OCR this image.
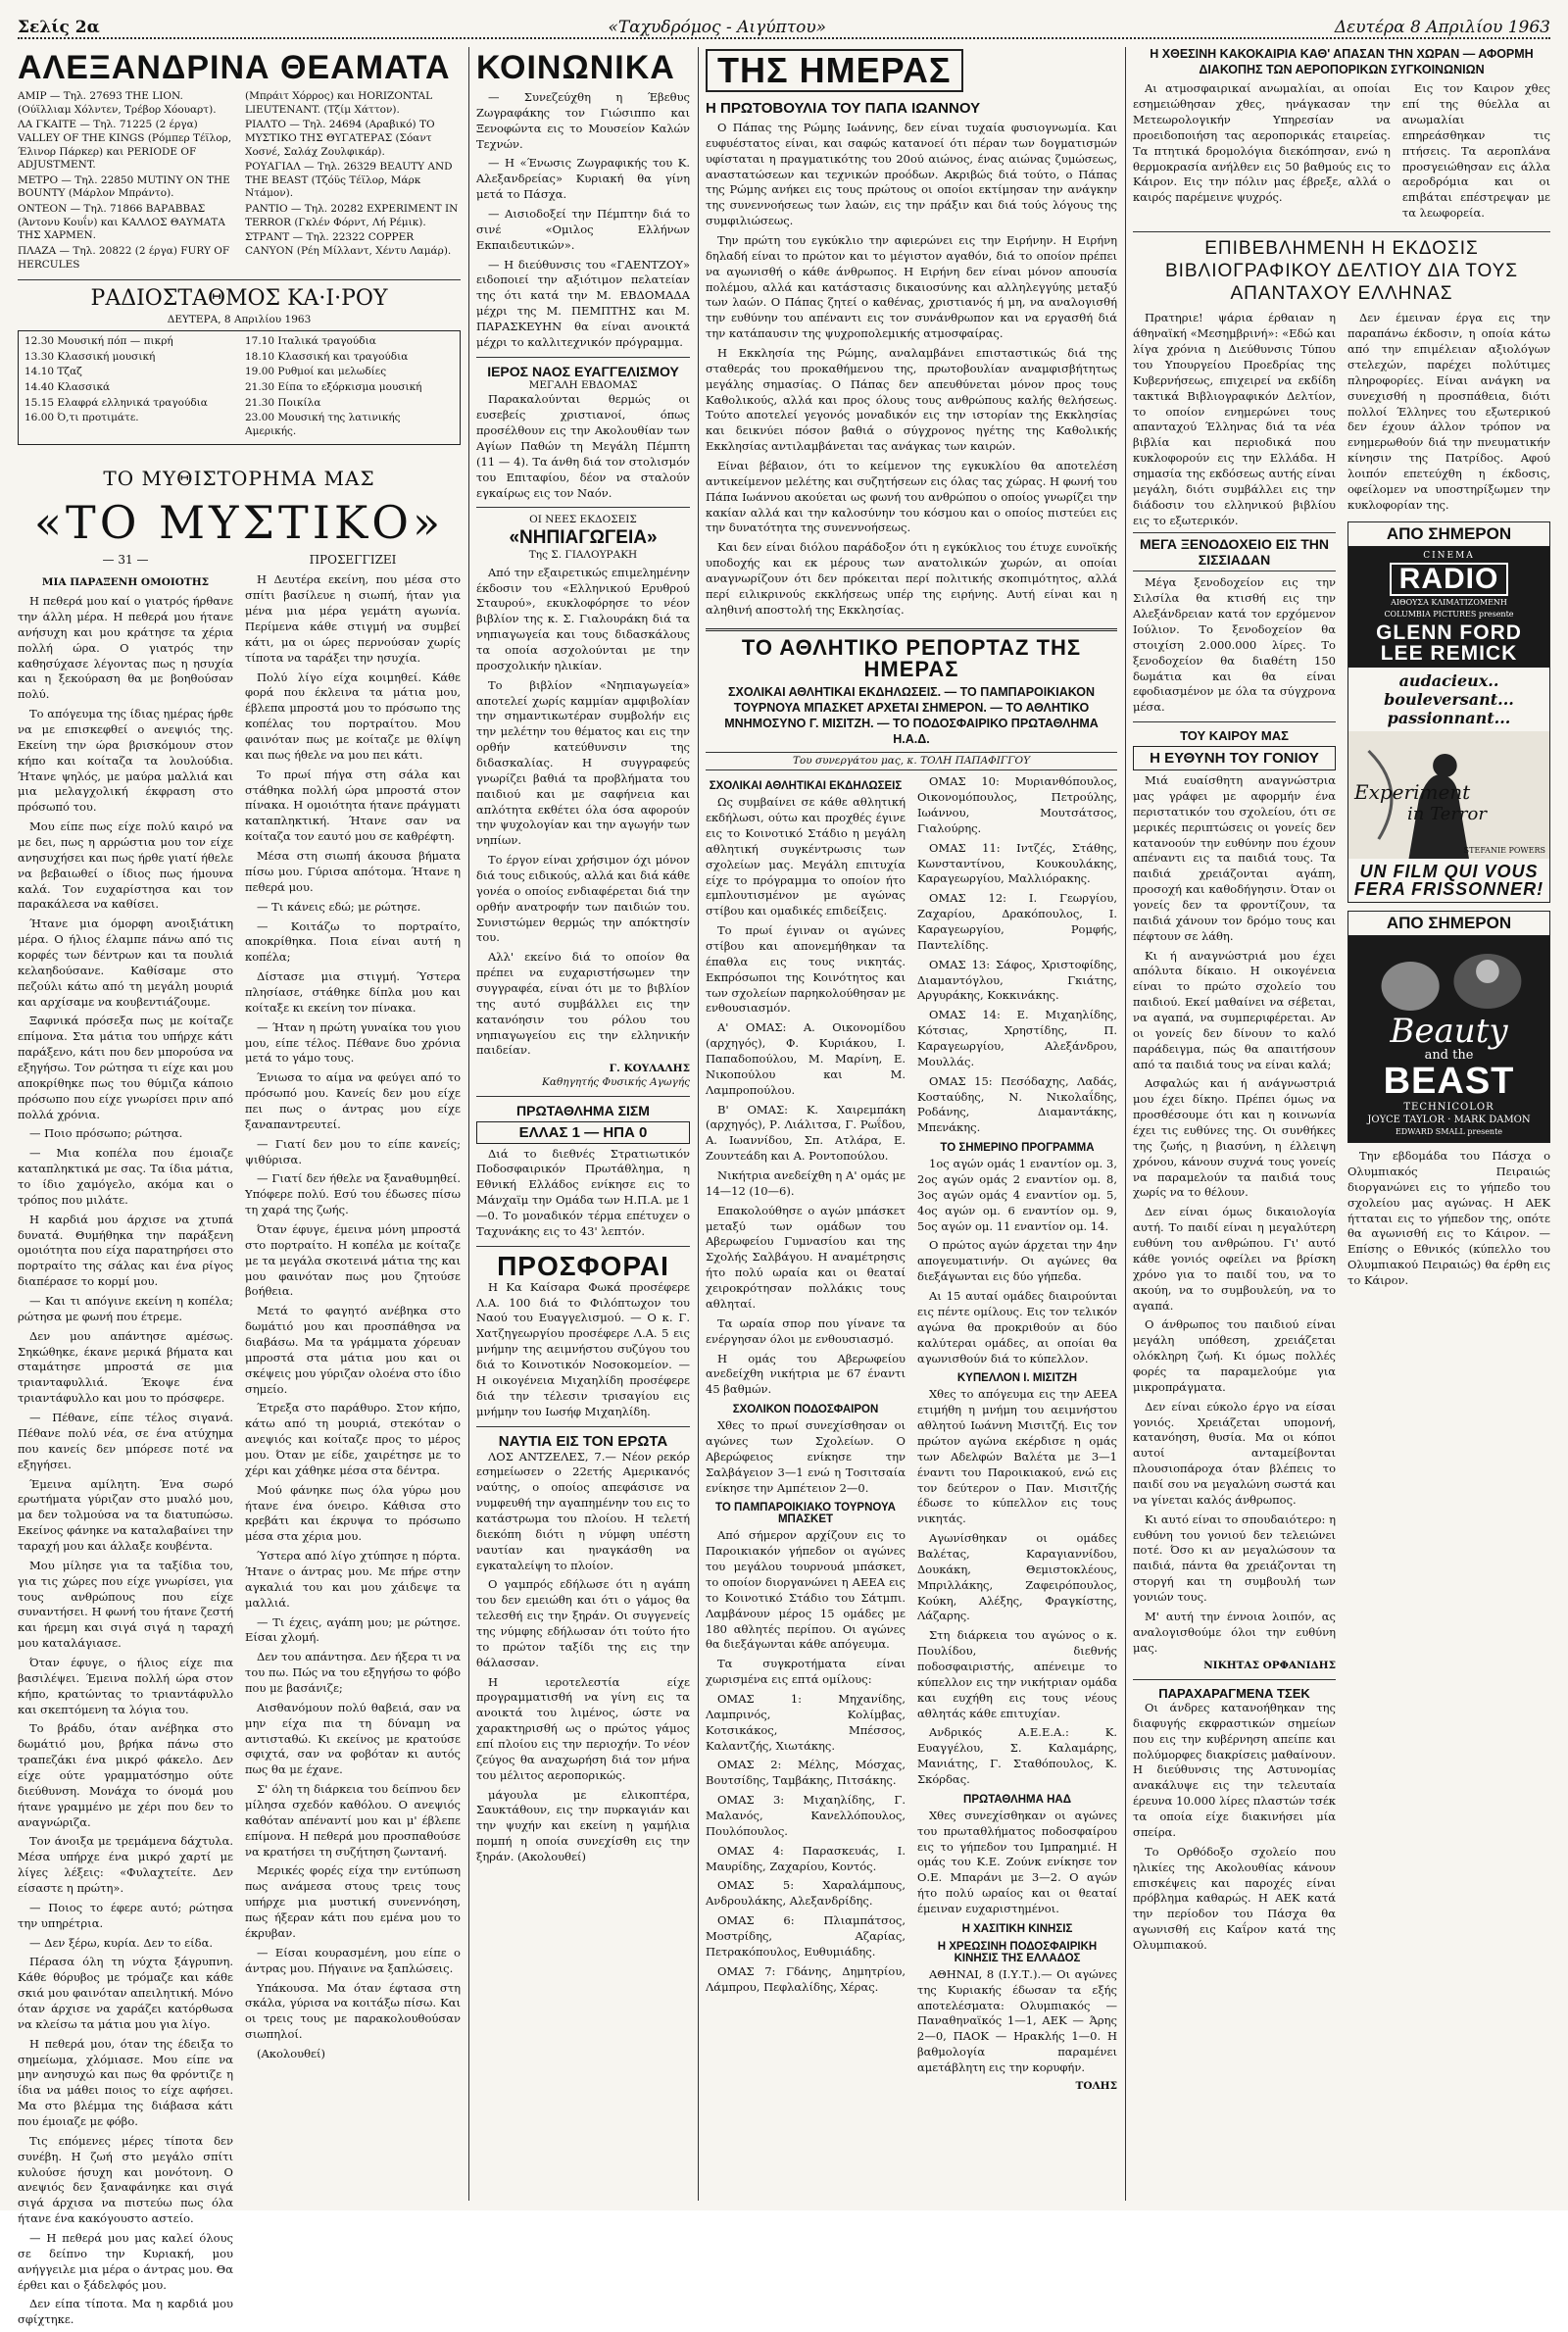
Σελίς 2α	«Ταχυδρόμος - Αιγύπτου»	Δευτέρα 8 Απριλίου 1963
ΑΛΕΞΑΝΔΡΙΝΑ ΘΕΑΜΑΤΑ
ΑΜΙΡ — Τηλ. 27693 THE LION. (Ούϊλλιαμ Χόλντεν, Τρέβορ Χόουαρτ).
ΛΑ ΓΚΑΙΤΕ — Τηλ. 71225 (2 έργα) VALLEY OF THE KINGS (Ρόμπερ Τέϊλορ, Έλινορ Πάρκερ) και PERIODE OF ADJUSTMENT.
ΜΕΤΡΟ — Τηλ. 22850 MUTINY ON THE BOUNTY (Μάρλον Μπράντο).
ΟΝΤΕΟΝ — Τηλ. 71866 ΒΑΡΑΒΒΑΣ (Άντονυ Κουΐν) και ΚΑΛΛΟΣ ΘΑΥΜΑΤΑ ΤΗΣ ΧΑΡΜΕΝ.
ΠΛΑΖΑ — Τηλ. 20822 (2 έργα) FURY OF HERCULES
(Μπράιτ Χόρρος) και HORIZONTAL LIEUTENANT. (Τζίμ Χάττον).
ΡΙΑΛΤΟ — Τηλ. 24694 (Αραβικό) ΤΟ ΜΥΣΤΙΚΟ ΤΗΣ ΘΥΓΑΤΕΡΑΣ (Σόαντ Χοσνέ, Σαλάχ Ζουλφικάρ).
ΡΟΥΑΓΙΑΛ — Τηλ. 26329 BEAUTY AND THE BEAST (Τζόϋς Τέϊλορ, Μάρκ Ντάμον).
ΡΑΝΤΙΟ — Τηλ. 20282 EXPERIMENT IN TERROR (Γκλέν Φόρντ, Λή Ρέμικ).
ΣΤΡΑΝΤ — Τηλ. 22322 COPPER CANYON (Ρέη Μίλλαντ, Χέντυ Λαμάρ).
ΡΑΔΙΟΣΤΑΘΜΟΣ ΚΑ·Ι·ΡΟΥ
ΔΕΥΤΕΡΑ, 8 Απριλίου 1963
12.30 Μουσική πόπ — πικρή
13.30 Κλασσική μουσική
14.10 Τζαζ
14.40 Κλασσικά
15.15 Ελαφρά ελληνικά τραγούδια
16.00 Ό,τι προτιμάτε.
17.10 Ιταλικά τραγούδια
18.10 Κλασσική και τραγούδια
19.00 Ρυθμοί και μελωδίες
21.30 Είπα το εξόρκισμα μουσική
21.30 Ποικίλα
23.00 Μουσική της λατινικής Αμερικής.
ΤΟ ΜΥΘΙΣΤΟΡΗΜΑ ΜΑΣ
«ΤΟ ΜΥΣΤΙΚΟ»
— 31 —	ΠΡΟΣΕΓΓΙΖΕΙ
ΜΙΑ ΠΑΡΑΞΕΝΗ ΟΜΟΙΟΤΗΣ

Η πεθερά μου καί ο γιατρός ήρθανε την άλλη μέρα. Η πεθερά μου ήτανε ανήσυχη και μου κράτησε τα χέρια πολλή ώρα. Ο γιατρός την καθησύχασε λέγοντας πως η ησυχία και η ξεκούραση θα με βοηθούσαν πολύ.

Το απόγευμα της ίδιας ημέρας ήρθε να με επισκεφθεί ο ανεψιός της. Εκείνη την ώρα βρισκόμουν στον κήπο και κοίταζα τα λουλούδια. Ήτανε ψηλός, με μαύρα μαλλιά και μια μελαγχολική έκφραση στο πρόσωπό του.

Μου είπε πως είχε πολύ καιρό να με δει, πως η αρρώστια μου τον είχε ανησυχήσει και πως ήρθε γιατί ήθελε να βεβαιωθεί ο ίδιος πως ήμουνα καλά. Τον ευχαρίστησα και τον παρακάλεσα να καθίσει.

Ήτανε μια όμορφη ανοιξιάτικη μέρα. Ο ήλιος έλαμπε πάνω από τις κορφές των δέντρων και τα πουλιά κελαηδούσανε. Καθίσαμε στο πεζούλι κάτω από τη μεγάλη μουριά και αρχίσαμε να κουβεντιάζουμε.

Ξαφνικά πρόσεξα πως με κοίταζε επίμονα. Στα μάτια του υπήρχε κάτι παράξενο, κάτι που δεν μπορούσα να εξηγήσω. Τον ρώτησα τι είχε και μου αποκρίθηκε πως του θύμιζα κάποιο πρόσωπο που είχε γνωρίσει πριν από πολλά χρόνια.

— Ποιο πρόσωπο; ρώτησα.

— Μια κοπέλα που έμοιαζε καταπληκτικά με σας. Τα ίδια μάτια, το ίδιο χαμόγελο, ακόμα και ο τρόπος που μιλάτε.

Η καρδιά μου άρχισε να χτυπά δυνατά. Θυμήθηκα την παράξενη ομοιότητα που είχα παρατηρήσει στο πορτραίτο της σάλας και ένα ρίγος διαπέρασε το κορμί μου.

— Και τι απόγινε εκείνη η κοπέλα; ρώτησα με φωνή που έτρεμε.

Δεν μου απάντησε αμέσως. Σηκώθηκε, έκανε μερικά βήματα και σταμάτησε μπροστά σε μια τριανταφυλλιά. Έκοψε ένα τριαντάφυλλο και μου το πρόσφερε.

— Πέθανε, είπε τέλος σιγανά. Πέθανε πολύ νέα, σε ένα ατύχημα που κανείς δεν μπόρεσε ποτέ να εξηγήσει.

Έμεινα αμίλητη. Ένα σωρό ερωτήματα γύριζαν στο μυαλό μου, μα δεν τολμούσα να τα διατυπώσω. Εκείνος φάνηκε να καταλαβαίνει την ταραχή μου και άλλαξε κουβέντα.

Μου μίλησε για τα ταξίδια του, για τις χώρες που είχε γνωρίσει, για τους ανθρώπους που είχε συναντήσει. Η φωνή του ήτανε ζεστή και ήρεμη και σιγά σιγά η ταραχή μου καταλάγιασε.

Όταν έφυγε, ο ήλιος είχε πια βασιλέψει. Έμεινα πολλή ώρα στον κήπο, κρατώντας το τριαντάφυλλο και σκεπτόμενη τα λόγια του.

Το βράδυ, όταν ανέβηκα στο δωμάτιό μου, βρήκα πάνω στο τραπεζάκι ένα μικρό φάκελο. Δεν είχε ούτε γραμματόσημο ούτε διεύθυνση. Μονάχα το όνομά μου ήτανε γραμμένο με χέρι που δεν το αναγνώριζα.

Τον άνοιξα με τρεμάμενα δάχτυλα. Μέσα υπήρχε ένα μικρό χαρτί με λίγες λέξεις: «Φυλαχτείτε. Δεν είσαστε η πρώτη».

— Ποιος το έφερε αυτό; ρώτησα την υπηρέτρια.

— Δεν ξέρω, κυρία. Δεν το είδα.

Πέρασα όλη τη νύχτα ξάγρυπνη. Κάθε θόρυβος με τρόμαζε και κάθε σκιά μου φαινόταν απειλητική. Μόνο όταν άρχισε να χαράζει κατόρθωσα να κλείσω τα μάτια μου για λίγο.

Η πεθερά μου, όταν της έδειξα το σημείωμα, χλόμιασε. Μου είπε να μην ανησυχώ και πως θα φρόντιζε η ίδια να μάθει ποιος το είχε αφήσει. Μα στο βλέμμα της διάβασα κάτι που έμοιαζε με φόβο.

Τις επόμενες μέρες τίποτα δεν συνέβη. Η ζωή στο μεγάλο σπίτι κυλούσε ήσυχη και μονότονη. Ο ανεψιός δεν ξαναφάνηκε και σιγά σιγά άρχισα να πιστεύω πως όλα ήτανε ένα κακόγουστο αστείο.

— Η πεθερά μου μας καλεί όλους σε δείπνο την Κυριακή, μου ανήγγειλε μια μέρα ο άντρας μου. Θα έρθει και ο ξάδελφός μου.

Δεν είπα τίποτα. Μα η καρδιά μου σφίχτηκε.

Η Δευτέρα εκείνη, που μέσα στο σπίτι βασίλευε η σιωπή, ήταν για μένα μια μέρα γεμάτη αγωνία. Περίμενα κάθε στιγμή να συμβεί κάτι, μα οι ώρες περνούσαν χωρίς τίποτα να ταράξει την ησυχία.

Πολύ λίγο είχα κοιμηθεί. Κάθε φορά που έκλεινα τα μάτια μου, έβλεπα μπροστά μου το πρόσωπο της κοπέλας του πορτραίτου. Μου φαινόταν πως με κοίταζε με θλίψη και πως ήθελε να μου πει κάτι.

Το πρωί πήγα στη σάλα και στάθηκα πολλή ώρα μπροστά στον πίνακα. Η ομοιότητα ήτανε πράγματι καταπληκτική. Ήτανε σαν να κοίταζα τον εαυτό μου σε καθρέφτη.

Μέσα στη σιωπή άκουσα βήματα πίσω μου. Γύρισα απότομα. Ήτανε η πεθερά μου.

— Τι κάνεις εδώ; με ρώτησε.

— Κοιτάζω το πορτραίτο, αποκρίθηκα. Ποια είναι αυτή η κοπέλα;

Δίστασε μια στιγμή. Ύστερα πλησίασε, στάθηκε δίπλα μου και κοίταξε κι εκείνη τον πίνακα.

— Ήταν η πρώτη γυναίκα του γιου μου, είπε τέλος. Πέθανε δυο χρόνια μετά το γάμο τους.

Ένιωσα το αίμα να φεύγει από το πρόσωπό μου. Κανείς δεν μου είχε πει πως ο άντρας μου είχε ξαναπαντρευτεί.

— Γιατί δεν μου το είπε κανείς; ψιθύρισα.

— Γιατί δεν ήθελε να ξαναθυμηθεί. Υπόφερε πολύ. Εσύ του έδωσες πίσω τη χαρά της ζωής.

Όταν έφυγε, έμεινα μόνη μπροστά στο πορτραίτο. Η κοπέλα με κοίταζε με τα μεγάλα σκοτεινά μάτια της και μου φαινόταν πως μου ζητούσε βοήθεια.

Μετά το φαγητό ανέβηκα στο δωμάτιό μου και προσπάθησα να διαβάσω. Μα τα γράμματα χόρευαν μπροστά στα μάτια μου και οι σκέψεις μου γύριζαν ολοένα στο ίδιο σημείο.

Έτρεξα στο παράθυρο. Στον κήπο, κάτω από τη μουριά, στεκόταν ο ανεψιός και κοίταζε προς το μέρος μου. Όταν με είδε, χαιρέτησε με το χέρι και χάθηκε μέσα στα δέντρα.

Μού φάνηκε πως όλα γύρω μου ήτανε ένα όνειρο. Κάθισα στο κρεβάτι και έκρυψα το πρόσωπο μέσα στα χέρια μου.

Ύστερα από λίγο χτύπησε η πόρτα. Ήτανε ο άντρας μου. Με πήρε στην αγκαλιά του και μου χάιδεψε τα μαλλιά.

— Τι έχεις, αγάπη μου; με ρώτησε. Είσαι χλομή.

Δεν του απάντησα. Δεν ήξερα τι να του πω. Πώς να του εξηγήσω το φόβο που με βασάνιζε;

Αισθανόμουν πολύ θαβειά, σαν να μην είχα πια τη δύναμη να αντισταθώ. Κι εκείνος με κρατούσε σφιχτά, σαν να φοβόταν κι αυτός πως θα με έχανε.

Σ' όλη τη διάρκεια του δείπνου δεν μίλησα σχεδόν καθόλου. Ο ανεψιός καθόταν απέναντί μου και μ' έβλεπε επίμονα. Η πεθερά μου προσπαθούσε να κρατήσει τη συζήτηση ζωντανή.

Μερικές φορές είχα την εντύπωση πως ανάμεσα στους τρεις τους υπήρχε μια μυστική συνεννόηση, πως ήξεραν κάτι που εμένα μου το έκρυβαν.

— Είσαι κουρασμένη, μου είπε ο άντρας μου. Πήγαινε να ξαπλώσεις.

Υπάκουσα. Μα όταν έφτασα στη σκάλα, γύρισα να κοιτάξω πίσω. Και οι τρεις τους με παρακολουθούσαν σιωπηλοί.

(Ακολουθεί)

ΚΟΙΝΩΝΙΚΑ

— Συνεζεύχθη η Έβεθυς Ζωγραφάκης τον Γιώσιππο και Ξενοφώντα εις το Μουσείον Καλών Τεχνών.

— Η «Ένωσις Ζωγραφικής του Κ. Αλεξανδρείας» Κυριακή θα γίνη μετά το Πάσχα.

— Αισιοδοξεί την Πέμπτην διά το σινέ «Ομιλος Ελλήνων Εκπαιδευτικών».

— Η διεύθυνσις του «ΓΑΕΝΤΖΟΥ» ειδοποιεί την αξιότιμον πελατείαν της ότι κατά την Μ. ΕΒΔΟΜΑΔΑ μέχρι της Μ. ΠΕΜΠΤΗΣ και Μ. ΠΑΡΑΣΚΕΥΗΝ θα είναι ανοικτά μέχρι το καλλιτεχνικόν πρόγραμμα.

ΙΕΡΟΣ ΝΑΟΣ ΕΥΑΓΓΕΛΙΣΜΟΥ
ΜΕΓΑΛΗ ΕΒΔΟΜΑΣ

Παρακαλούνται θερμώς οι ευσεβείς χριστιανοί, όπως προσέλθουν εις την Ακολουθίαν των Αγίων Παθών τη Μεγάλη Πέμπτη (11 — 4). Τα άνθη διά τον στολισμόν του Επιταφίου, δέον να σταλούν εγκαίρως εις τον Ναόν.

ΟΙ ΝΕΕΣ ΕΚΔΟΣΕΙΣ
«ΝΗΠΙΑΓΩΓΕΙΑ»
Της Σ. ΓΙΑΛΟΥΡΑΚΗ

Από την εξαιρετικώς επιμελημένην έκδοσιν του «Ελληνικού Ερυθρού Σταυρού», εκυκλοφόρησε το νέον βιβλίον της κ. Σ. Γιαλουράκη διά τα νηπιαγωγεία και τους διδασκάλους τα οποία ασχολούνται με την προσχολικήν ηλικίαν.

Το βιβλίον «Νηπιαγωγεία» αποτελεί χωρίς καμμίαν αμφιβολίαν την σημαντικωτέραν συμβολήν εις την μελέτην του θέματος και εις την ορθήν κατεύθυνσιν της διδασκαλίας. Η συγγραφεύς γνωρίζει βαθιά τα προβλήματα του παιδιού και με σαφήνεια και απλότητα εκθέτει όλα όσα αφορούν την ψυχολογίαν και την αγωγήν των νηπίων.

Το έργον είναι χρήσιμον όχι μόνον διά τους ειδικούς, αλλά και διά κάθε γονέα ο οποίος ενδιαφέρεται διά την ορθήν ανατροφήν των παιδιών του. Συνιστώμεν θερμώς την απόκτησίν του.

Αλλ' εκείνο διά το οποίον θα πρέπει να ευχαριστήσωμεν την συγγραφέα, είναι ότι με το βιβλίον της αυτό συμβάλλει εις την κατανόησιν του ρόλου του νηπιαγωγείου εις την ελληνικήν παιδείαν.

Γ. ΚΟΥΛΑΛΗΣ
Καθηγητής Φυσικής Αγωγής
ΠΡΩΤΑΘΛΗΜΑ ΣΙΣΜ
ΕΛΛΑΣ 1 — ΗΠΑ 0

Διά το διεθνές Στρατιωτικόν Ποδοσφαιρικόν Πρωτάθλημα, η Εθνική Ελλάδος ενίκησε εις το Μάνχαϊμ την Ομάδα των Η.Π.Α. με 1—0. Το μοναδικόν τέρμα επέτυχεν ο Ταχυνάκης εις το 43' λεπτόν.

ΠΡΟΣΦΟΡΑΙ

Η Κα Καίσαρα Φωκά προσέφερε Λ.Α. 100 διά το Φιλόπτωχον του Ναού του Ευαγγελισμού. — Ο κ. Γ. Χατζηγεωργίου προσέφερε Λ.Α. 5 εις μνήμην της αειμνήστου συζύγου του διά το Κοινοτικόν Νοσοκομείον. — Η οικογένεια Μιχαηλίδη προσέφερε διά την τέλεσιν τρισαγίου εις μνήμην του Ιωσήφ Μιχαηλίδη.

ΝΑΥΤΙΑ ΕΙΣ ΤΟΝ ΕΡΩΤΑ

ΛΟΣ ΑΝΤΖΕΛΕΣ, 7.— Νέον ρεκόρ εσημείωσεν ο 22ετής Αμερικανός ναύτης, ο οποίος απεφάσισε να νυμφευθή την αγαπημένην του εις το κατάστρωμα του πλοίου. Η τελετή διεκόπη διότι η νύμφη υπέστη ναυτίαν και ηναγκάσθη να εγκαταλείψη το πλοίον.

Ο γαμπρός εδήλωσε ότι η αγάπη του δεν εμειώθη και ότι ο γάμος θα τελεσθή εις την ξηράν. Οι συγγενείς της νύμφης εδήλωσαν ότι τούτο ήτο το πρώτον ταξίδι της εις την θάλασσαν.

Η ιεροτελεστία είχε προγραμματισθή να γίνη εις τα ανοικτά του λιμένος, ώστε να χαρακτηρισθή ως ο πρώτος γάμος επί πλοίου εις την περιοχήν. Το νέον ζεύγος θα αναχωρήση διά τον μήνα του μέλιτος αεροπορικώς.

μάγουλα με ελικοπτέρα, Σαυκτάθουν, εις την πυρκαγιάν και την ψυχήν και εκείνη η γαμήλια πομπή η οποία συνεχίσθη εις την ξηράν. (Ακολουθεί)

ΤΗΣ ΗΜΕΡΑΣ
Η ΠΡΩΤΟΒΟΥΛΙΑ ΤΟΥ ΠΑΠΑ ΙΩΑΝΝΟΥ

Ο Πάπας της Ρώμης Ιωάννης, δεν είναι τυχαία φυσιογνωμία. Και ευφυέστατος είναι, και σαφώς κατανοεί ότι πέραν των δογματισμών υφίσταται η πραγματικότης του 20ού αιώνος, ένας αιώνας ζυμώσεως, αναστατώσεων και τεχνικών προόδων. Ακριβώς διά τούτο, ο Πάπας της Ρώμης ανήκει εις τους πρώτους οι οποίοι εκτίμησαν την ανάγκην της συνεννοήσεως των λαών, εις την πράξιν και διά τούς λόγους της συμφιλιώσεως.

Την πρώτη του εγκύκλιο την αφιερώνει εις την Ειρήνην. Η Ειρήνη δηλαδή είναι το πρώτον και το μέγιστον αγαθόν, διά το οποίον πρέπει να αγωνισθή ο κάθε άνθρωπος. Η Ειρήνη δεν είναι μόνον απουσία πολέμου, αλλά και κατάστασις δικαιοσύνης και αλληλεγγύης μεταξύ των λαών. Ο Πάπας ζητεί ο καθένας, χριστιανός ή μη, να αναλογισθή την ευθύνην του απέναντι εις τον συνάνθρωπον και να εργασθή διά την κατάπαυσιν της ψυχροπολεμικής ατμοσφαίρας.

Η Εκκλησία της Ρώμης, αναλαμβάνει επισταστικώς διά της σταθεράς του προκαθήμενου της, πρωτοβουλίαν αναμφισβήτητως μεγάλης σημασίας. Ο Πάπας δεν απευθύνεται μόνον προς τους Καθολικούς, αλλά και προς όλους τους ανθρώπους καλής θελήσεως. Τούτο αποτελεί γεγονός μοναδικόν εις την ιστορίαν της Εκκλησίας και δεικνύει πόσον βαθιά ο σύγχρονος ηγέτης της Καθολικής Εκκλησίας αντιλαμβάνεται τας ανάγκας των καιρών.

Είναι βέβαιον, ότι το κείμενον της εγκυκλίου θα αποτελέση αντικείμενον μελέτης και συζητήσεων εις όλας τας χώρας. Η φωνή του Πάπα Ιωάννου ακούεται ως φωνή του ανθρώπου ο οποίος γνωρίζει την κακίαν αλλά και την καλοσύνην του κόσμου και ο οποίος πιστεύει εις την δυνατότητα της συνεννοήσεως.

Και δεν είναι διόλου παράδοξον ότι η εγκύκλιος του έτυχε ευνοϊκής υποδοχής και εκ μέρους των ανατολικών χωρών, αι οποίαι αναγνωρίζουν ότι δεν πρόκειται περί πολιτικής σκοπιμότητος, αλλά περί ειλικρινούς εκκλήσεως υπέρ της ειρήνης. Αυτή είναι και η αληθινή αποστολή της Εκκλησίας.

ΤΟ ΑΘΛΗΤΙΚΟ ΡΕΠΟΡΤΑΖ ΤΗΣ ΗΜΕΡΑΣ
ΣΧΟΛΙΚΑΙ ΑΘΛΗΤΙΚΑΙ ΕΚΔΗΛΩΣΕΙΣ. — ΤΟ ΠΑΜΠΑΡΟΙΚΙΑΚΟΝ ΤΟΥΡΝΟΥΑ ΜΠΑΣΚΕΤ ΑΡΧΕΤΑΙ ΣΗΜΕΡΟΝ. — ΤΟ ΑΘΛΗΤΙΚΟ ΜΝΗΜΟΣΥΝΟ Γ. ΜΙΣΙΤΖΗ. — ΤΟ ΠΟΔΟΣΦΑΙΡΙΚΟ ΠΡΩΤΑΘΛΗΜΑ Η.Α.Δ.
Του συνεργάτου μας, κ. ΤΟΛΗ ΠΑΠΑΦΙΓΓΟΥ
ΣΧΟΛΙΚΑΙ ΑΘΛΗΤΙΚΑΙ ΕΚΔΗΛΩΣΕΙΣ

Ως συμβαίνει σε κάθε αθλητική εκδήλωσι, ούτω και προχθές έγινε εις το Κοινοτικό Στάδιο η μεγάλη αθλητική συγκέντρωσις των σχολείων μας. Μεγάλη επιτυχία είχε το πρόγραμμα το οποίον ήτο εμπλουτισμένον με αγώνας στίβου και ομαδικές επιδείξεις.

Το πρωί έγιναν οι αγώνες στίβου και απονεμήθηκαν τα έπαθλα εις τους νικητάς. Εκπρόσωποι της Κοινότητος και των σχολείων παρηκολούθησαν με ενθουσιασμόν.

Α' ΟΜΑΣ: Α. Οικονομίδου (αρχηγός), Φ. Κυριάκου, Ι. Παπαδοπούλου, Μ. Μαρίνη, Ε. Νικοπούλου και Μ. Λαμπροπούλου.

Β' ΟΜΑΣ: Κ. Χαιρεμπάκη (αρχηγός), Ρ. Λιάλιτσα, Γ. Ρωΐδου, Α. Ιωαννίδου, Σπ. Ατλάρα, Ε. Ζουντεάδη και Α. Ροντοπούλου.

Νικήτρια ανεδείχθη η Α' ομάς με 14—12 (10—6).

Επακολούθησε ο αγών μπάσκετ μεταξύ των ομάδων του Αβερωφείου Γυμνασίου και της Σχολής Σαλβάγου. Η αναμέτρησις ήτο πολύ ωραία και οι θεαταί χειροκρότησαν πολλάκις τους αθληταί.

Τα ωραία σπορ που γίνανε τα ενέργησαν όλοι με ενθουσιασμό.

Η ομάς του Αβερωφείου ανεδείχθη νικήτρια με 67 έναντι 45 βαθμών.

ΣΧΟΛΙΚΟΝ ΠΟΔΟΣΦΑΙΡΟΝ

Χθες το πρωί συνεχίσθησαν οι αγώνες των Σχολείων. Ο Αβερώφειος ενίκησε την Σαλβάγειον 3—1 ενώ η Τοσιτσαία ενίκησε την Αμπέτειον 2—0.

ΤΟ ΠΑΜΠΑΡΟΙΚΙΑΚΟ ΤΟΥΡΝΟΥΑ ΜΠΑΣΚΕΤ

Από σήμερον αρχίζουν εις το Παροικιακόν γήπεδον οι αγώνες του μεγάλου τουρνουά μπάσκετ, το οποίον διοργανώνει η ΑΕΕΑ εις το Κοινοτικό Στάδιο του Σάτμπι. Λαμβάνουν μέρος 15 ομάδες με 180 αθλητές περίπου. Οι αγώνες θα διεξάγωνται κάθε απόγευμα.

Τα συγκροτήματα είναι χωρισμένα εις επτά ομίλους:

ΟΜΑΣ 1: Μηχανίδης, Λαμπρινός, Κολίμβας, Κοτσικάκος, Μπέσσος, Καλαντζής, Χιωτάκης.

ΟΜΑΣ 2: Μέλης, Μόσχας, Βουτσίδης, Ταμβάκης, Πιτσάκης.

ΟΜΑΣ 3: Μιχαηλίδης, Γ. Μαλανός, Κανελλόπουλος, Πουλόπουλος.

ΟΜΑΣ 4: Παρασκευάς, Ι. Μαυρίδης, Ζαχαρίου, Κοντός.

ΟΜΑΣ 5: Χαραλάμπους, Ανδρουλάκης, Αλεξανδρίδης.

ΟΜΑΣ 6: Πλιαμπάτσος, Μοστρίδης, Αζαρίας, Πετρακόπουλος, Ευθυμιάδης.

ΟΜΑΣ 7: Γδάνης, Δημητρίου, Λάμπρου, Πεφλαλίδης, Χέρας.

ΟΜΑΣ 10: Μυριανθόπουλος, Οικονομόπουλος, Πετρούλης, Ιωάννου, Μουτσάτσος, Γιαλούρης.

ΟΜΑΣ 11: Ιντζές, Στάθης, Κωνσταντίνου, Κουκουλάκης, Καραγεωργίου, Μαλλιόρακης.

ΟΜΑΣ 12: Ι. Γεωργίου, Ζαχαρίου, Δρακόπουλος, Ι. Καραγεωργίου, Ρομφής, Παντελίδης.

ΟΜΑΣ 13: Σάφος, Χριστοφίδης, Διαμαντόγλου, Γκιάτης, Αργυράκης, Κοκκινάκης.

ΟΜΑΣ 14: Ε. Μιχαηλίδης, Κότσιας, Χρηστίδης, Π. Καραγεωργίου, Αλεξάνδρου, Μουλλάς.

ΟΜΑΣ 15: Πεσόδαχης, Λαδάς, Κοσταύδης, Ν. Νικολαΐδης, Ροδάνης, Διαμαντάκης, Μπενάκης.

ΤΟ ΣΗΜΕΡΙΝΟ ΠΡΟΓΡΑΜΜΑ

1ος αγών ομάς 1 εναντίον ομ. 3, 2ος αγών ομάς 2 εναντίον ομ. 8, 3ος αγών ομάς 4 εναντίον ομ. 5, 4ος αγών ομ. 6 εναντίον ομ. 9, 5ος αγών ομ. 11 εναντίον ομ. 14.

Ο πρώτος αγών άρχεται την 4ην απογευματινήν. Οι αγώνες θα διεξάγωνται εις δύο γήπεδα.

Αι 15 αυταί ομάδες διαιρούνται εις πέντε ομίλους. Εις τον τελικόν αγώνα θα προκριθούν αι δύο καλύτεραι ομάδες, αι οποίαι θα αγωνισθούν διά το κύπελλον.

ΚΥΠΕΛΛΟΝ Ι. ΜΙΣΙΤΖΗ

Χθες το απόγευμα εις την ΑΕΕΑ ετιμήθη η μνήμη του αειμνήστου αθλητού Ιωάννη Μισιτζή. Εις τον πρώτον αγώνα εκέρδισε η ομάς των Αδελφών Βαλέτα με 3—1 έναντι του Παροικιακού, ενώ εις τον δεύτερον ο Παν. Μισιτζής έδωσε το κύπελλον εις τους νικητάς.

Αγωνίσθηκαν οι ομάδες Βαλέτας, Καραγιαννίδου, Δουκάκη, Θεμιστοκλέους, Μπριλλάκης, Ζαφειρόπουλος, Κούκη, Αλέξης, Φραγκίστης, Λάζαρης.

Στη διάρκεια του αγώνος ο κ. Πουλίδου, διεθνής ποδοσφαιριστής, απένειμε το κύπελλον εις την νικήτριαν ομάδα και ευχήθη εις τους νέους αθλητάς κάθε επιτυχίαν.

Ανδρικός Α.Ε.Ε.Α.: Κ. Ευαγγέλου, Σ. Καλαμάρης, Μανιάτης, Γ. Σταθόπουλος, Κ. Σκόρδας.

ΠΡΩΤΑΘΛΗΜΑ ΗΑΔ

Χθες συνεχίσθηκαν οι αγώνες του πρωταθλήματος ποδοσφαίρου εις το γήπεδον του Ιμπραημιέ. Η ομάς του Κ.Ε. Ζούνκ ενίκησε τον Ο.Ε. Μπαράνι με 3—2. Ο αγών ήτο πολύ ωραίος και οι θεαταί έμειναν ευχαριστημένοι.

Η ΧΑΣΙΤΙΚΗ ΚΙΝΗΣΙΣ
Η ΧΡΕΩΣΙΝΗ ΠΟΔΟΣΦΑΙΡΙΚΗ ΚΙΝΗΣΙΣ ΤΗΣ ΕΛΛΑΔΟΣ

ΑΘΗΝΑΙ, 8 (Ι.Υ.Τ.).— Οι αγώνες της Κυριακής έδωσαν τα εξής αποτελέσματα: Ολυμπιακός — Παναθηναϊκός 1—1, ΑΕΚ — Άρης 2—0, ΠΑΟΚ — Ηρακλής 1—0. Η βαθμολογία παραμένει αμετάβλητη εις την κορυφήν.

ΤΟΛΗΣ
Η ΧΘΕΣΙΝΗ ΚΑΚΟΚΑΙΡΙΑ ΚΑΘ' ΑΠΑΣΑΝ ΤΗΝ ΧΩΡΑΝ — ΑΦΟΡΜΗ ΔΙΑΚΟΠΗΣ ΤΩΝ ΑΕΡΟΠΟΡΙΚΩΝ ΣΥΓΚΟΙΝΩΝΙΩΝ

Αι ατμοσφαιρικαί ανωμαλίαι, αι οποίαι εσημειώθησαν χθες, ηνάγκασαν την Μετεωρολογικήν Υπηρεσίαν να προειδοποιήση τας αεροπορικάς εταιρείας. Τα πτητικά δρομολόγια διεκόπησαν, ενώ η θερμοκρασία ανήλθεν εις 50 βαθμούς εις το Κάιρον. Εις την πόλιν μας έβρεξε, αλλά ο καιρός παρέμεινε ψυχρός.

Εις τον Καιρον χθες επί της θύελλα αι ανωμαλίαι επηρεάσθηκαν τις πτήσεις. Τα αεροπλάνα προσγειώθησαν εις άλλα αεροδρόμια και οι επιβάται επέστρεψαν με τα λεωφορεία.

ΕΠΙΒΕΒΛΗΜΕΝΗ Η ΕΚΔΟΣΙΣ ΒΙΒΛΙΟΓΡΑΦΙΚΟΥ ΔΕΛΤΙΟΥ ΔΙΑ ΤΟΥΣ ΑΠΑΝΤΑΧΟΥ ΕΛΛΗΝΑΣ

Πρατηριε! ψάρια έρθαιαν η άθηναϊκή «Μεσημβρινή»: «Εδώ και λίγα χρόνια η Διεύθυνσις Τύπου του Υπουργείου Προεδρίας της Κυβερνήσεως, επιχειρεί να εκδίδη τακτικά Βιβλιογραφικόν Δελτίον, το οποίον ενημερώνει τους απανταχού Έλληνας διά τα νέα βιβλία και περιοδικά που κυκλοφορούν εις την Ελλάδα. Η σημασία της εκδόσεως αυτής είναι μεγάλη, διότι συμβάλλει εις την διάδοσιν του ελληνικού βιβλίου εις το εξωτερικόν.

ΜΕΓΑ ΞΕΝΟΔΟΧΕΙΟ ΕΙΣ ΤΗΝ ΣΙΣΣΙΑΔΑΝ

Μέγα ξενοδοχείον εις την Σιλσίλα θα κτισθή εις την Αλεξάνδρειαν κατά τον ερχόμενον Ιούλιον. Το ξενοδοχείον θα στοιχίση 2.000.000 λίρες. Το ξενοδοχείον θα διαθέτη 150 δωμάτια και θα είναι εφοδιασμένον με όλα τα σύγχρονα μέσα.

ΤΟΥ ΚΑΙΡΟΥ ΜΑΣ
Η ΕΥΘΥΝΗ ΤΟΥ ΓΟΝΙΟΥ

Μιά ευαίσθητη αναγνώστρια μας γράφει με αφορμήν ένα περιστατικόν του σχολείου, ότι σε μερικές περιπτώσεις οι γονείς δεν κατανοούν την ευθύνην που έχουν απέναντι εις τα παιδιά τους. Τα παιδιά χρειάζονται αγάπη, προσοχή και καθοδήγησιν. Όταν οι γονείς δεν τα φροντίζουν, τα παιδιά χάνουν τον δρόμο τους και πέφτουν σε λάθη.

Κι ή αναγνώστριά μου έχει απόλυτα δίκαιο. Η οικογένεια είναι το πρώτο σχολείο του παιδιού. Εκεί μαθαίνει να σέβεται, να αγαπά, να συμπεριφέρεται. Αν οι γονείς δεν δίνουν το καλό παράδειγμα, πώς θα απαιτήσουν από τα παιδιά τους να είναι καλά;

Ασφαλώς και ή ανάγνωστριά μου έχει δίκηο. Πρέπει όμως να προσθέσουμε ότι και η κοινωνία έχει τις ευθύνες της. Οι συνθήκες της ζωής, η βιασύνη, η έλλειψη χρόνου, κάνουν συχνά τους γονείς να παραμελούν τα παιδιά τους χωρίς να το θέλουν.

Δεν είναι όμως δικαιολογία αυτή. Το παιδί είναι η μεγαλύτερη ευθύνη του ανθρώπου. Γι' αυτό κάθε γονιός οφείλει να βρίσκη χρόνο για το παιδί του, να το ακούη, να το συμβουλεύη, να το αγαπά.

Ο άνθρωπος του παιδιού είναι μεγάλη υπόθεση, χρειάζεται ολόκληρη ζωή. Κι όμως πολλές φορές τα παραμελούμε για μικροπράγματα.

Δεν είναι εύκολο έργο να είσαι γονιός. Χρειάζεται υπομονή, κατανόηση, θυσία. Μα οι κόποι αυτοί ανταμείβονται πλουσιοπάροχα όταν βλέπεις το παιδί σου να μεγαλώνη σωστά και να γίνεται καλός άνθρωπος.

Κι αυτό είναι το σπουδαιότερο: η ευθύνη του γονιού δεν τελειώνει ποτέ. Όσο κι αν μεγαλώσουν τα παιδιά, πάντα θα χρειάζονται τη στοργή και τη συμβουλή των γονιών τους.

Μ' αυτή την έννοια λοιπόν, ας αναλογισθούμε όλοι την ευθύνη μας.

ΝΙΚΗΤΑΣ ΟΡΦΑΝΙΔΗΣ
ΠΑΡΑΧΑΡΑΓΜΕΝΑ ΤΣΕΚ

Οι άνδρες κατανοήθηκαν της διαφυγής εκφραστικών σημείων που εις την κυβέρνηση απείπε και πολύμορφες διακρίσεις μαθαίνουν. Η διεύθυνσις της Αστυνομίας ανακάλυψε εις την τελευταία έρευνα 10.000 λίρες πλαστών τσέκ τα οποία είχε διακινήσει μία σπείρα.

Το Ορθόδοξο σχολείο που ηλικίες της Ακολουθίας κάνουν επισκέψεις και παροχές είναι πρόβλημα καθαρώς. Η ΑΕΚ κατά την περίοδον του Πάσχα θα αγωνισθή εις Καΐρον κατά της Ολυμπιακού.

Δεν έμειναν έργα εις την παραπάνω έκδοσιν, η οποία κάτω από την επιμέλειαν αξιολόγων στελεχών, παρέχει πολύτιμες πληροφορίες. Είναι ανάγκη να συνεχισθή η προσπάθεια, διότι πολλοί Έλληνες του εξωτερικού δεν έχουν άλλον τρόπον να ενημερωθούν διά την πνευματικήν κίνησιν της Πατρίδος. Αφού λοιπόν επετεύχθη η έκδοσις, οφείλομεν να υποστηρίξωμεν την κυκλοφορίαν της.

ΑΠΟ ΣΗΜΕΡΟΝ
CINEMA
RADIO
ΑΙΘΟΥΣΑ ΚΛΙΜΑΤΙΖΟΜΕΝΗ
COLUMBIA PICTURES presente
GLENN FORD
LEE REMICK
audacieux..
bouleversant...
passionnant...
Experiment
in Terror
STEFANIE POWERS
UN FILM QUI VOUS FERA FRISSONNER!
ΑΠΟ ΣΗΜΕΡΟΝ
Beauty
and the
BEAST
TECHNICOLOR
JOYCE TAYLOR · MARK DAMON
EDWARD SMALL presente

Την εβδομάδα του Πάσχα ο Ολυμπιακός Πειραιώς διοργανώνει εις το γήπεδο του σχολείου μας αγώνας. Η ΑΕΚ ήτταται εις το γήπεδον της, οπότε θα αγωνισθή εις το Κάιρον. — Επίσης ο Εθνικός (κύπελλο του Ολυμπιακού Πειραιώς) θα έρθη εις το Κάιρον.
